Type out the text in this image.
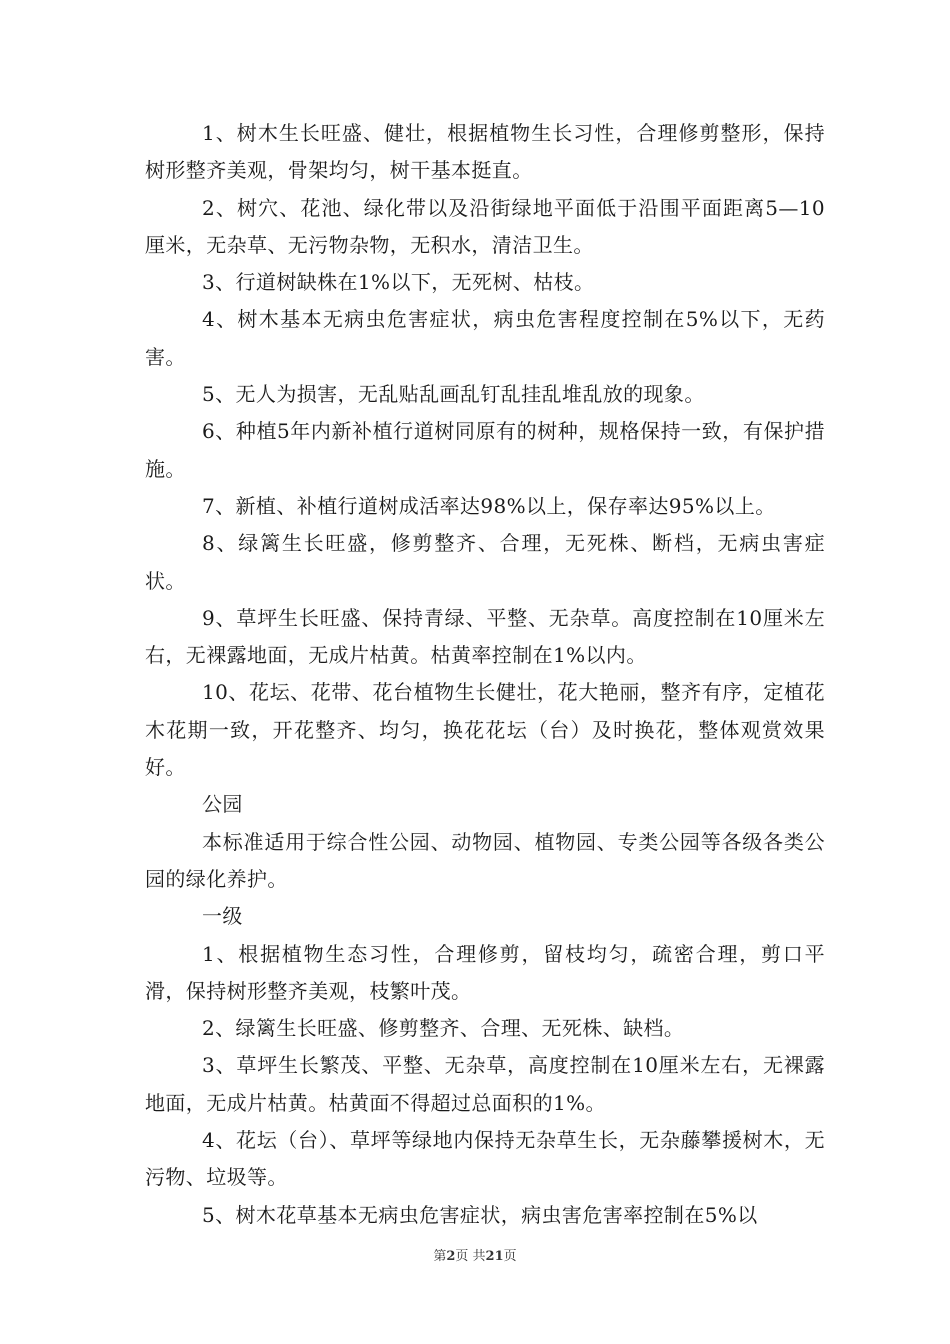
1、树木生长旺盛、健壮，根据植物生长习性，合理修剪整形，保持树形整齐美观，骨架均匀，树干基本挺直。

2、树穴、花池、绿化带以及沿街绿地平面低于沿围平面距离5—10厘米，无杂草、无污物杂物，无积水，清洁卫生。

3、行道树缺株在1%以下，无死树、枯枝。

4、树木基本无病虫危害症状，病虫危害程度控制在5%以下，无药害。

5、无人为损害，无乱贴乱画乱钉乱挂乱堆乱放的现象。

6、种植5年内新补植行道树同原有的树种，规格保持一致，有保护措施。

7、新植、补植行道树成活率达98%以上，保存率达95%以上。

8、绿篱生长旺盛，修剪整齐、合理，无死株、断档，无病虫害症状。

9、草坪生长旺盛、保持青绿、平整、无杂草。高度控制在10厘米左右，无裸露地面，无成片枯黄。枯黄率控制在1%以内。

10、花坛、花带、花台植物生长健壮，花大艳丽，整齐有序，定植花木花期一致，开花整齐、均匀，换花花坛（台）及时换花，整体观赏效果好。

公园

本标准适用于综合性公园、动物园、植物园、专类公园等各级各类公园的绿化养护。

一级

1、根据植物生态习性，合理修剪，留枝均匀，疏密合理，剪口平滑，保持树形整齐美观，枝繁叶茂。

2、绿篱生长旺盛、修剪整齐、合理、无死株、缺档。

3、草坪生长繁茂、平整、无杂草，高度控制在10厘米左右，无裸露地面，无成片枯黄。枯黄面不得超过总面积的1%。

4、花坛（台）、草坪等绿地内保持无杂草生长，无杂藤攀援树木，无污物、垃圾等。

5、树木花草基本无病虫危害症状，病虫害危害率控制在5%以

第2页 共21页
